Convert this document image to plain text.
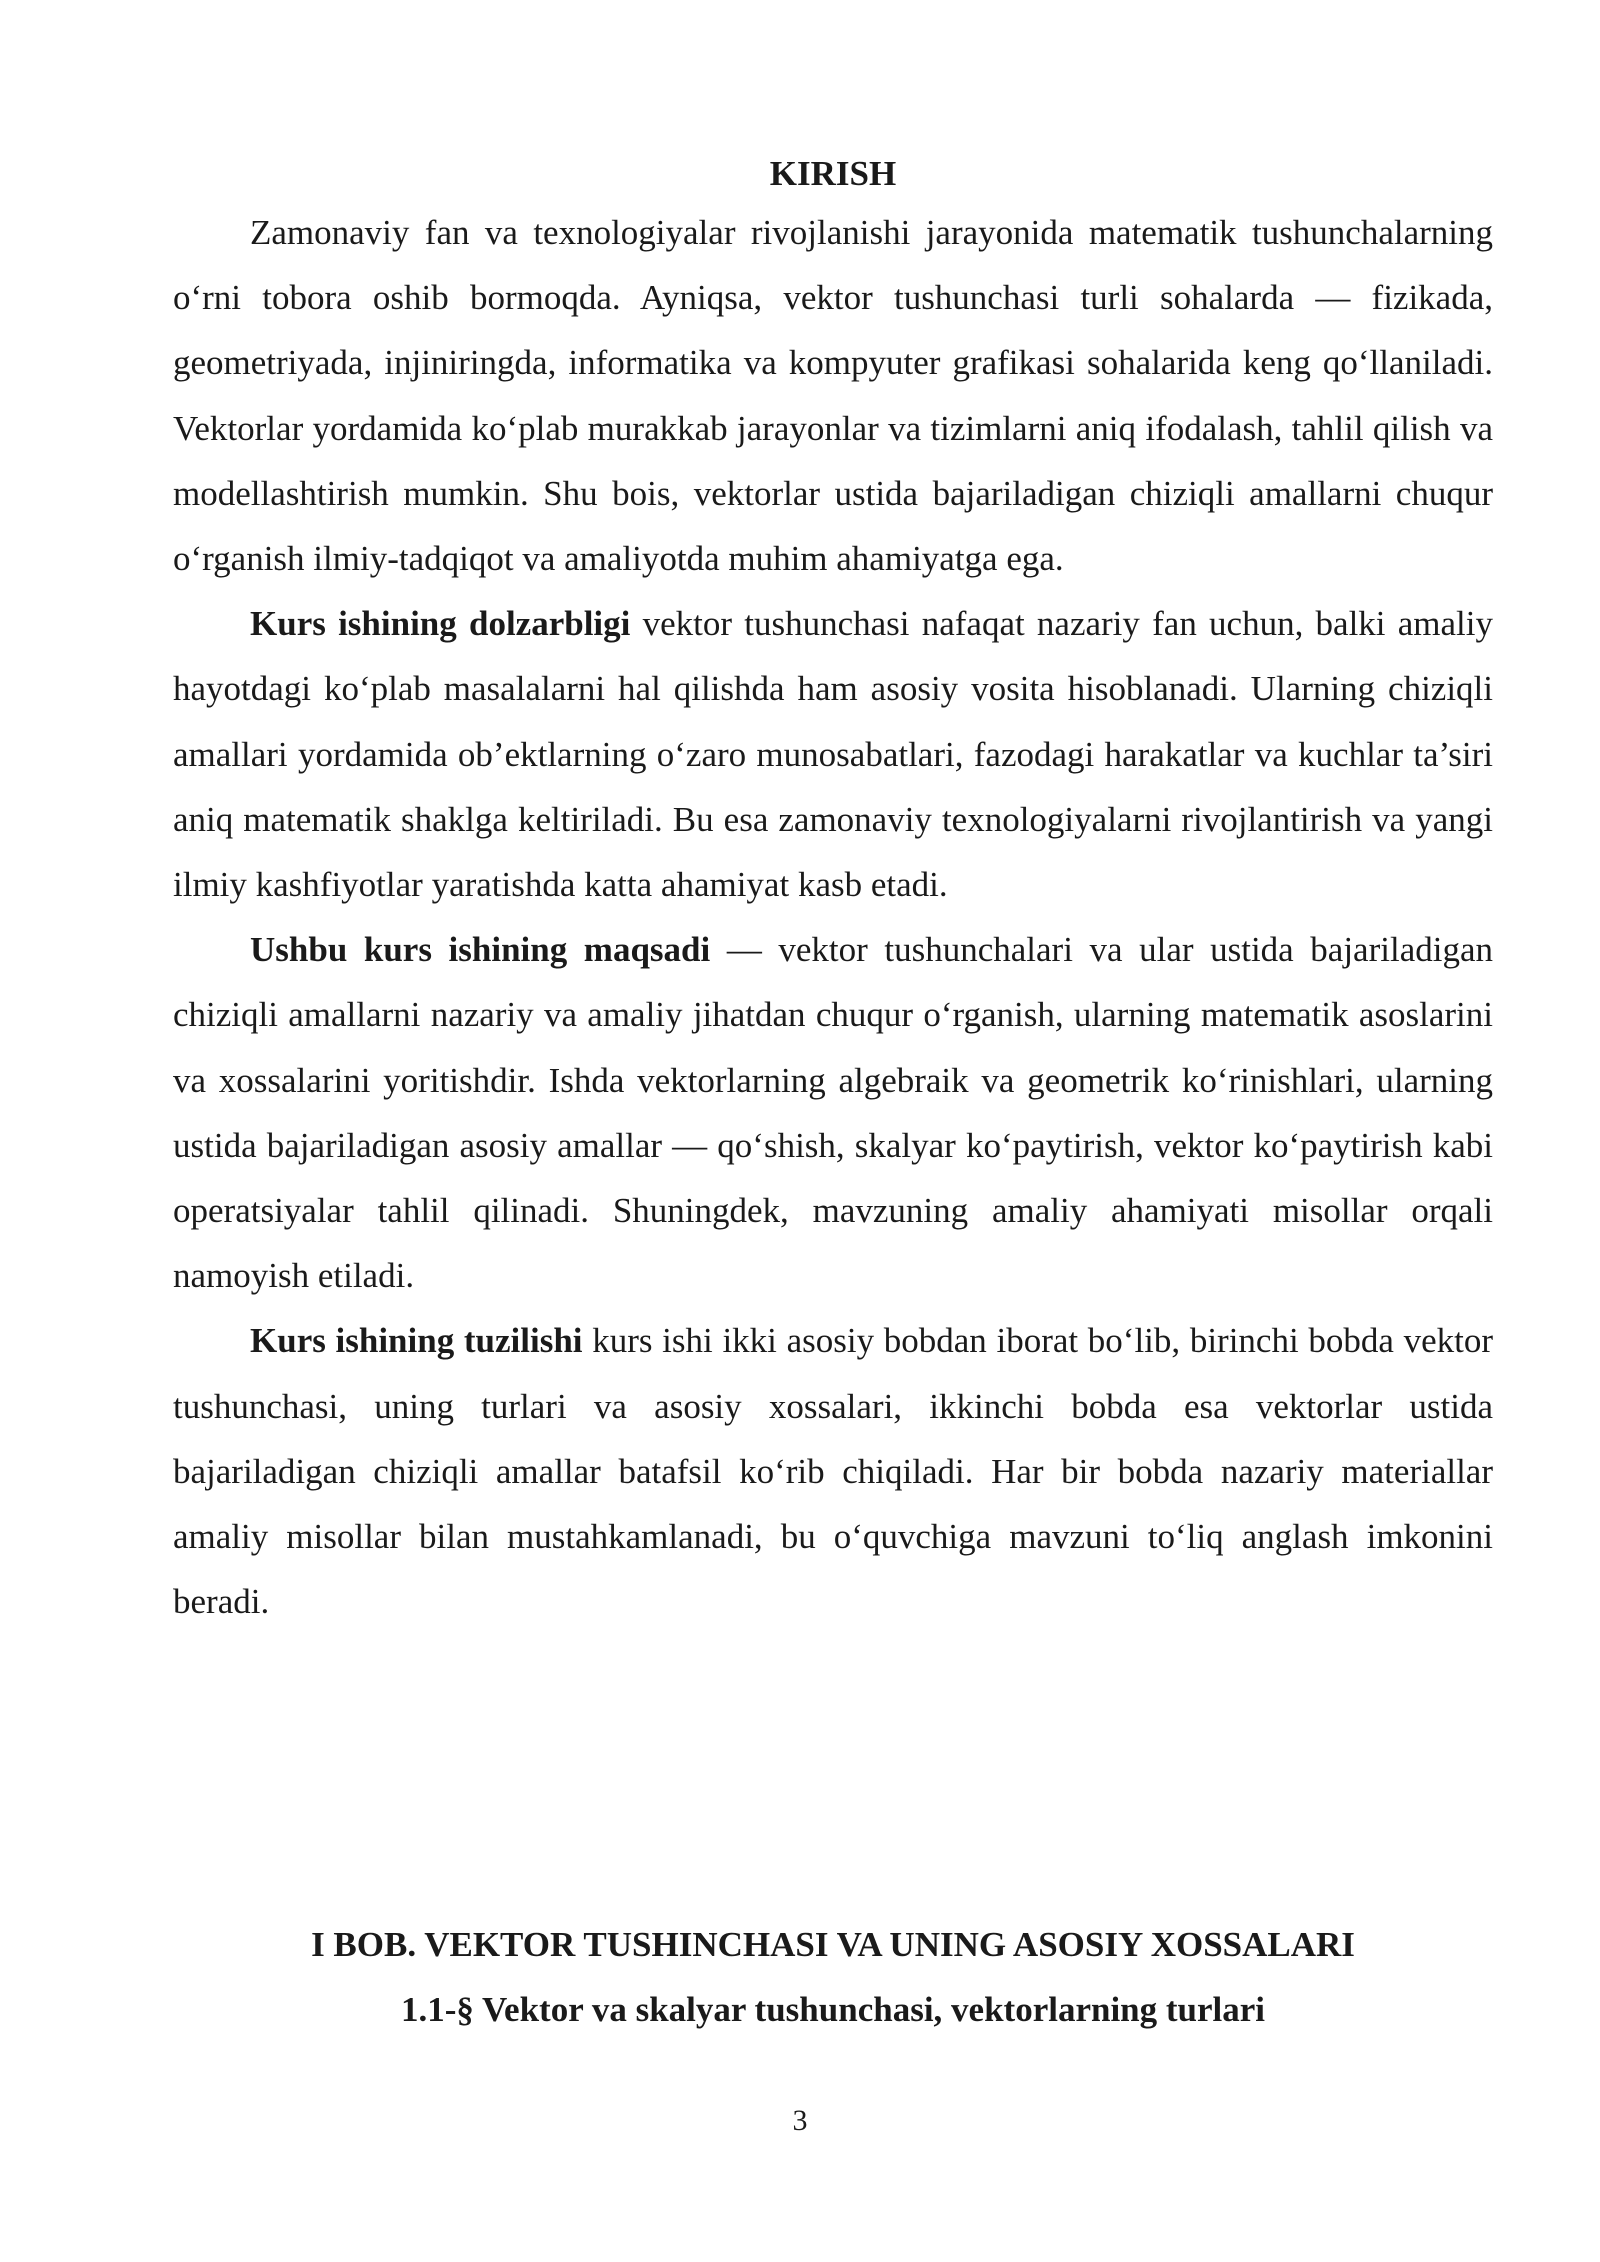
KIRISH

Zamonaviy fan va texnologiyalar rivojlanishi jarayonida matematik tushunchalarning o‘rni tobora oshib bormoqda. Ayniqsa, vektor tushunchasi turli sohalarda — fizikada, geometriyada, injiniringda, informatika va kompyuter grafikasi sohalarida keng qo‘llaniladi. Vektorlar yordamida ko‘plab murakkab jarayonlar va tizimlarni aniq ifodalash, tahlil qilish va modellashtirish mumkin. Shu bois, vektorlar ustida bajariladigan chiziqli amallarni chuqur o‘rganish ilmiy-tadqiqot va amaliyotda muhim ahamiyatga ega.

Kurs ishining dolzarbligi vektor tushunchasi nafaqat nazariy fan uchun, balki amaliy hayotdagi ko‘plab masalalarni hal qilishda ham asosiy vosita hisoblanadi. Ularning chiziqli amallari yordamida ob’ektlarning o‘zaro munosabatlari, fazodagi harakatlar va kuchlar ta’siri aniq matematik shaklga keltiriladi. Bu esa zamonaviy texnologiyalarni rivojlantirish va yangi ilmiy kashfiyotlar yaratishda katta ahamiyat kasb etadi.

Ushbu kurs ishining maqsadi — vektor tushunchalari va ular ustida bajariladigan chiziqli amallarni nazariy va amaliy jihatdan chuqur o‘rganish, ularning matematik asoslarini va xossalarini yoritishdir. Ishda vektorlarning algebraik va geometrik ko‘rinishlari, ularning ustida bajariladigan asosiy amallar — qo‘shish, skalyar ko‘paytirish, vektor ko‘paytirish kabi operatsiyalar tahlil qilinadi. Shuningdek, mavzuning amaliy ahamiyati misollar orqali namoyish etiladi.

Kurs ishining tuzilishi kurs ishi ikki asosiy bobdan iborat bo‘lib, birinchi bobda vektor tushunchasi, uning turlari va asosiy xossalari, ikkinchi bobda esa vektorlar ustida bajariladigan chiziqli amallar batafsil ko‘rib chiqiladi. Har bir bobda nazariy materiallar amaliy misollar bilan mustahkamlanadi, bu o‘quvchiga mavzuni to‘liq anglash imkonini beradi.

I BOB. VEKTOR TUSHINCHASI VA UNING ASOSIY XOSSALARI
1.1-§ Vektor va skalyar tushunchasi, vektorlarning turlari
3
